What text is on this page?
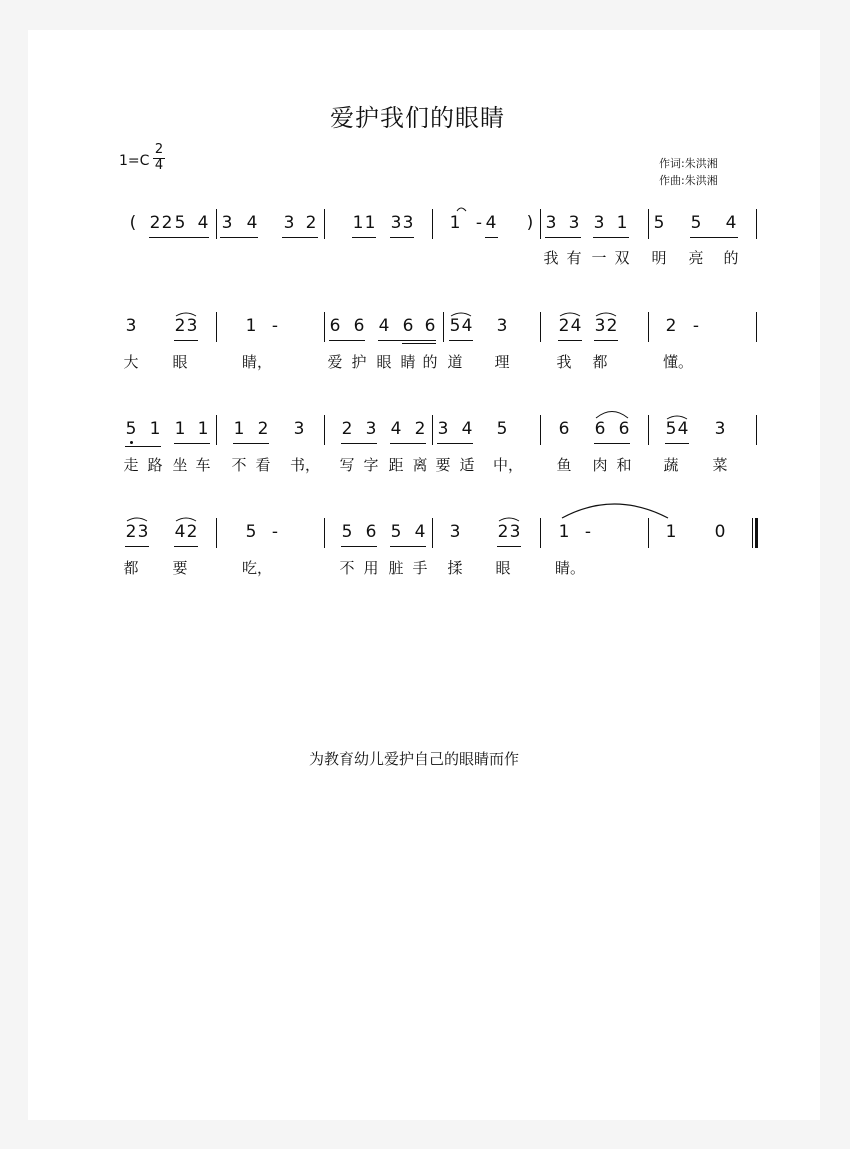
爱护我们的眼睛
1=C
2
4	作词:朱洪湘
作曲:朱洪湘
( 2 2 5 4 3 4 3 2 1 1 3 3 1 - 4 ) 3 3 3 1 5 5 4
我 有 一 双 明 亮 的
3 2 3	1 -	6 6 4 6 6 5 4 3	2 4 3 2	2 -
大 眼	睛，	爱 护 眼 睛 的 道 理	我 都	懂。
5 1 1 1 1 2 3 2 3 4 2 3 4 5	6 6 6 5 4 3
走 路 坐 车 不 看 书， 写 字 距 离 要 适 中， 鱼 肉 和 蔬 菜
2 3 4 2	5 -	5 6 5 4 3 2 3 1 -	1 0
都 要	吃，	不 用 脏 手 揉 眼	睛。
为教育幼儿爱护自己的眼睛而作
